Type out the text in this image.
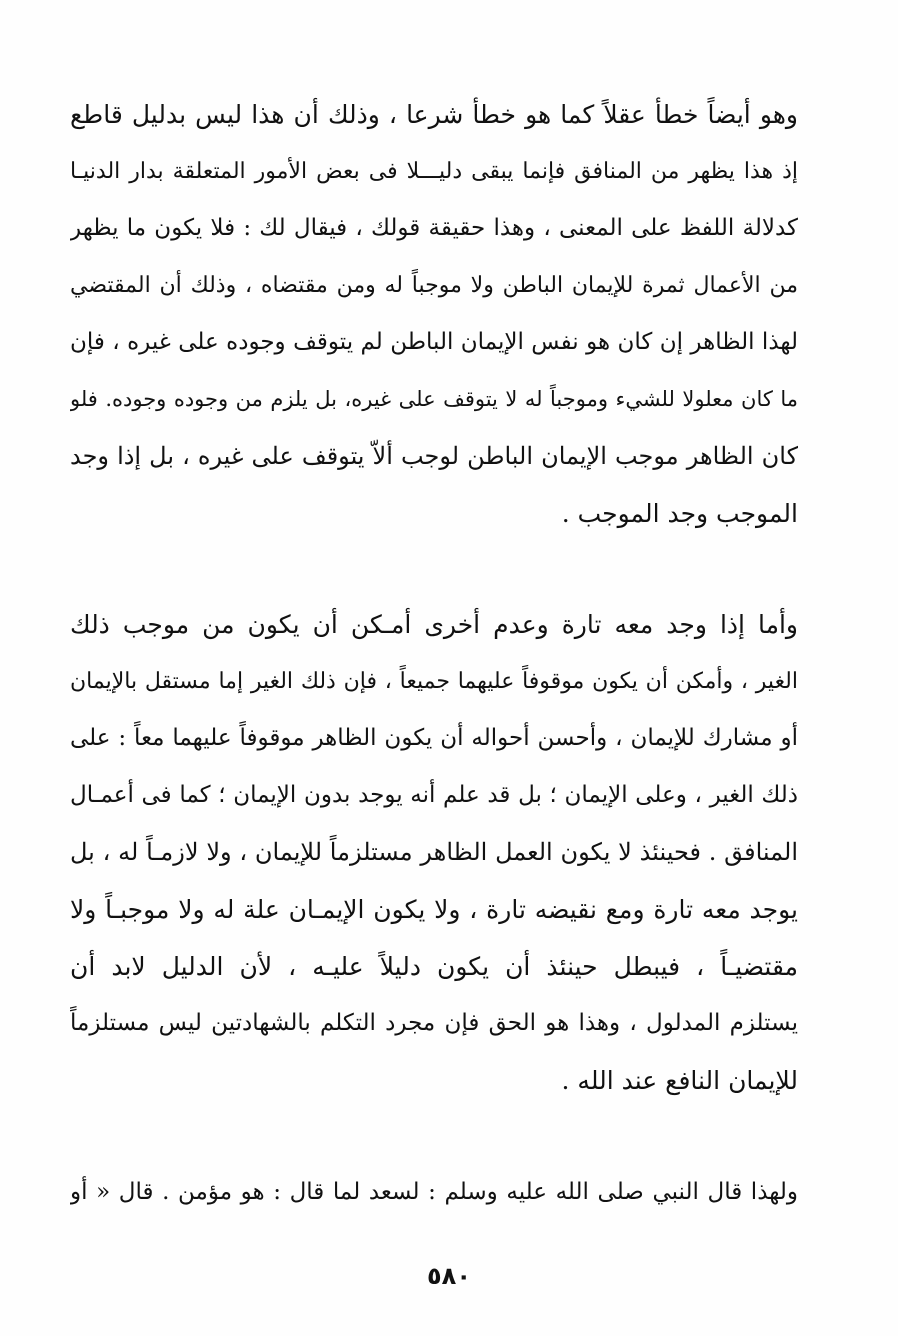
وهو أيضاً خطأ عقلاً كما هو خطأ شرعا ، وذلك أن هذا ليس بدليل قاطع
إذ هذا يظهر من المنافق فإنما يبقى دليـــلا فى بعض الأمور المتعلقة بدار الدنيـا
كدلالة اللفظ على المعنى ، وهذا حقيقة قولك ، فيقال لك : فلا يكون ما يظهر
من الأعمال ثمرة للإيمان الباطن ولا موجباً له ومن مقتضاه ، وذلك أن المقتضي
لهذا الظاهر إن كان هو نفس الإيمان الباطن لم يتوقف وجوده على غيره ، فإن
ما كان معلولا للشيء وموجباً له لا يتوقف على غيره، بل يلزم من وجوده وجوده. فلو
كان الظاهر موجب الإيمان الباطن لوجب ألاّ يتوقف على غيره ، بل إذا وجد
الموجب وجد الموجب .
وأما إذا وجد معه تارة وعدم أخرى أمـكن أن يكون من موجب ذلك
الغير ، وأمكن أن يكون موقوفاً عليهما جميعاً ، فإن ذلك الغير إما مستقل بالإيمان
أو مشارك للإيمان ، وأحسن أحواله أن يكون الظاهر موقوفاً عليهما معاً : على
ذلك الغير ، وعلى الإيمان ؛ بل قد علم أنه يوجد بدون الإيمان ؛ كما فى أعمـال
المنافق . فحينئذ لا يكون العمل الظاهر مستلزماً للإيمان ، ولا لازمـاً له ، بل
يوجد معه تارة ومع نقيضه تارة ، ولا يكون الإيمـان علة له ولا موجبـاً ولا
مقتضيـاً ، فيبطل حينئذ أن يكون دليلاً عليـه ، لأن الدليل لابد أن
يستلزم المدلول ، وهذا هو الحق فإن مجرد التكلم بالشهادتين ليس مستلزماً
للإيمان النافع عند الله .
ولهذا قال النبي صلى الله عليه وسلم : لسعد لما قال : هو مؤمن . قال « أو
٥٨٠
